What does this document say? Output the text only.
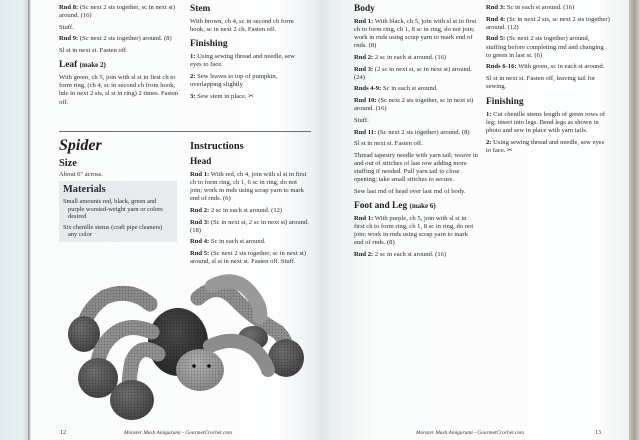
Rnd 8: (Sc next 2 sts together, sc in next st) around. (16)

Stuff.

Rnd 9: (Sc next 2 sts together) around. (8)

Sl st in next st. Fasten off.

Leaf (make 2)

With green, ch 5, join with sl st in first ch to form ring, (ch 4, sc in second ch from hook, hdc in next 2 sts, sl st in ring) 2 times. Fasten off.

Stem

With brown, ch 4, sc in second ch form hook, sc in next 2 ch. Fasten off.

Finishing

1: Using sewing thread and needle, sew eyes to face.

2: Sew leaves to top of pumpkin, overlapping slightly

3: Sew stem in place. ✂

Spider
Size

About 6" across.

Materials

Small amounts red, black, green and purple worsted-weight yarn or colors desired

Six chenille stems (craft pipe cleaners) any color

Instructions
Head

Rnd 1: With red, ch 4, join with sl st in first ch to form ring, ch 1, 6 sc in ring, do not join; work in rnds using scrap yarn to mark end of rnds. (6)

Rnd 2: 2 sc in each st around. (12)

Rnd 3: (Sc in next st, 2 sc in next st) around. (18)

Rnd 4: Sc in each st around.

Rnd 5: (Sc next 2 sts together, sc in next st) around, sl st in next st. Fasten off. Stuff.

12	Monster Mash Amigurumi - GourmetCrochet.com
Body

Rnd 1: With black, ch 5, join with sl st in first ch to form ring, ch 1, 8 sc in ring, do not join; work in rnds using scrap yarn to mark end of rnds. (8)

Rnd 2: 2 sc in each st around. (16)

Rnd 3: (2 sc in next st, sc in next st) around. (24)

Rnds 4-9: Sc in each st around.

Rnd 10: (Sc next 2 sts together, sc in next st) around. (16)

Stuff.

Rnd 11: (Sc next 2 sts together) around. (8)

Sl st in next st. Fasten off.

Thread tapestry needle with yarn tail; weave in and out of stitches of last row adding more stuffing if needed. Pull yarn tail to close opening; take small stitches to secure.

Sew last rnd of head over last rnd of body.

Foot and Leg (make 6)

Rnd 1: With purple, ch 5, join with sl st in first ch to form ring, ch 1, 8 sc in ring, do not join; work in rnds using scrap yarn to mark end of rnds. (8)

Rnd 2: 2 sc in each st around. (16)

Rnd 3: Sc in each st around. (16)

Rnd 4: (Sc in next 2 sts, sc next 2 sts together) around. (12)

Rnd 5: (Sc next 2 sts together) around, stuffing before completing rnd and changing to green in last st. (6)

Rnds 6-16: With green, sc in each st around.

Sl st in next st. Fasten off, leaving tail for sewing.

Finishing

1: Cut chenille stems length of green rows of leg; insert into legs. Bend legs as shown in photo and sew in place with yarn tails.

2: Using sewing thread and needle, sew eyes to face. ✂

Monster Mash Amigurumi - GourmetCrochet.com	13
